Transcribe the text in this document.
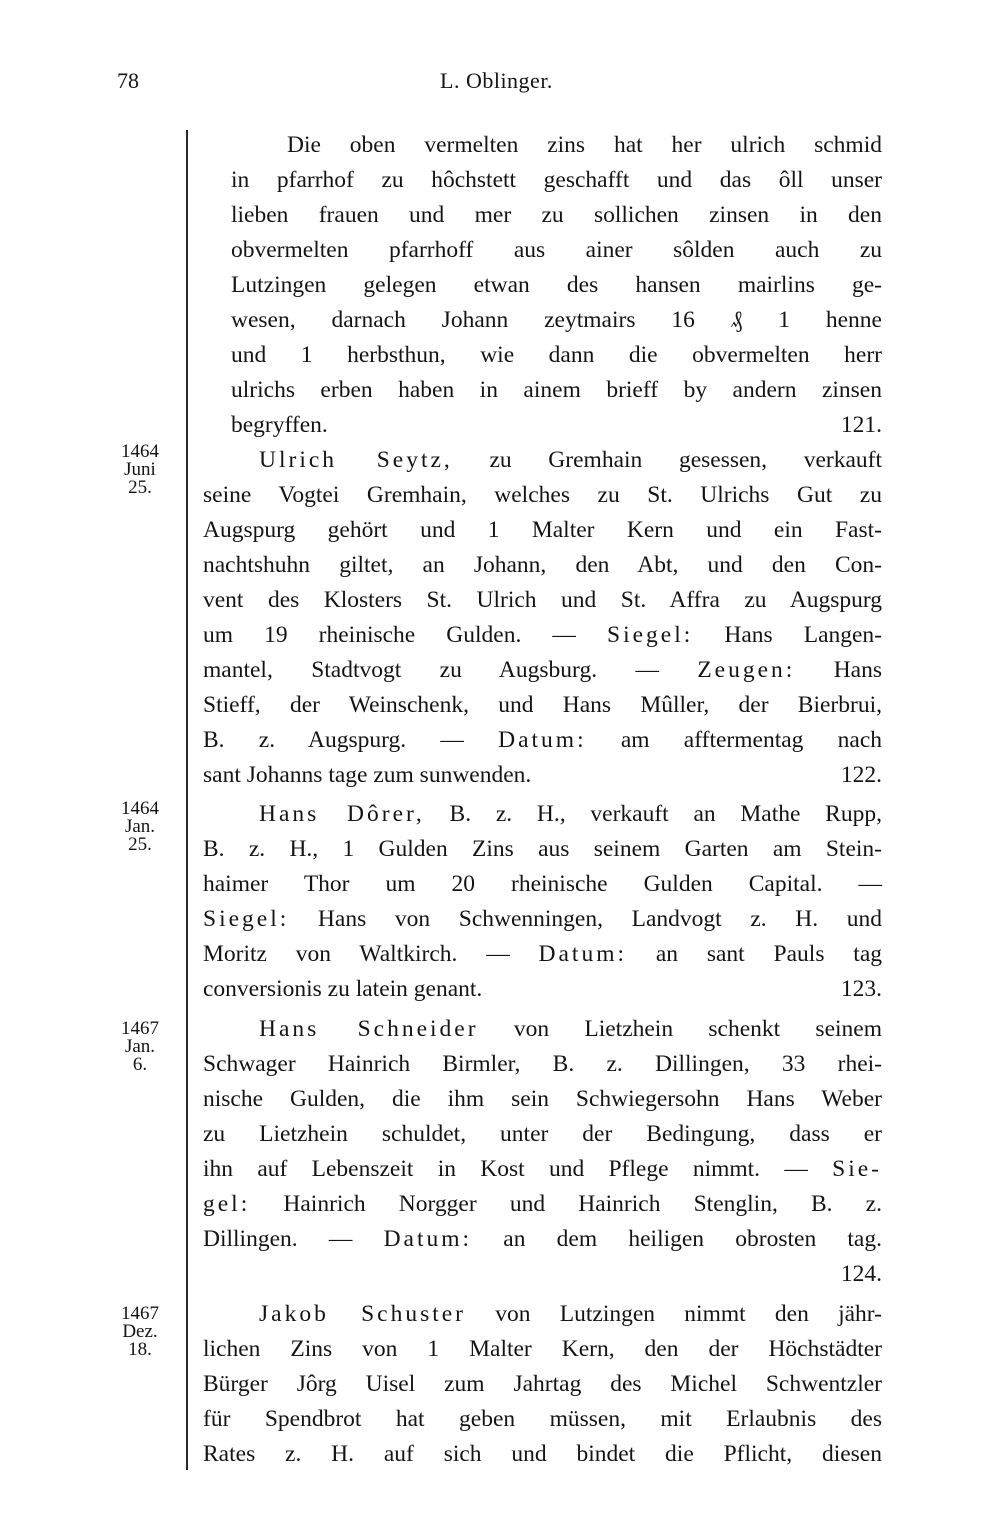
78	L. Oblinger.
Die oben vermelten zins hat her ulrich schmid
in pfarrhof zu hôchstett geschafft und das ôll unser
lieben frauen und mer zu sollichen zinsen in den
obvermelten pfarrhoff aus ainer sôlden auch zu
Lutzingen gelegen etwan des hansen mairlins ge-
wesen, darnach Johann zeytmairs 16 ₰ 1 henne
und 1 herbsthun, wie dann die obvermelten herr
ulrichs erben haben in ainem brieff by andern zinsen
begryffen.	121.
1464
Juni
25.
Ulrich Seytz, zu Gremhain gesessen, verkauft
seine Vogtei Gremhain, welches zu St. Ulrichs Gut zu
Augspurg gehört und 1 Malter Kern und ein Fast-
nachtshuhn giltet, an Johann, den Abt, und den Con-
vent des Klosters St. Ulrich und St. Affra zu Augspurg
um 19 rheinische Gulden. — Siegel: Hans Langen-
mantel, Stadtvogt zu Augsburg. — Zeugen: Hans
Stieff, der Weinschenk, und Hans Mûller, der Bierbrui,
B. z. Augspurg. — Datum: am afftermentag nach
sant Johanns tage zum sunwenden.	122.
1464
Jan.
25.
Hans Dôrer, B. z. H., verkauft an Mathe Rupp,
B. z. H., 1 Gulden Zins aus seinem Garten am Stein-
haimer Thor um 20 rheinische Gulden Capital. —
Siegel: Hans von Schwenningen, Landvogt z. H. und
Moritz von Waltkirch. — Datum: an sant Pauls tag
conversionis zu latein genant.	123.
1467
Jan.
6.
Hans Schneider von Lietzhein schenkt seinem
Schwager Hainrich Birmler, B. z. Dillingen, 33 rhei-
nische Gulden, die ihm sein Schwiegersohn Hans Weber
zu Lietzhein schuldet, unter der Bedingung, dass er
ihn auf Lebenszeit in Kost und Pflege nimmt. — Sie-
gel: Hainrich Norgger und Hainrich Stenglin, B. z.
Dillingen. — Datum: an dem heiligen obrosten tag.
124.
1467
Dez.
18.
Jakob Schuster von Lutzingen nimmt den jähr-
lichen Zins von 1 Malter Kern, den der Höchstädter
Bürger Jôrg Uisel zum Jahrtag des Michel Schwentzler
für Spendbrot hat geben müssen, mit Erlaubnis des
Rates z. H. auf sich und bindet die Pflicht, diesen
